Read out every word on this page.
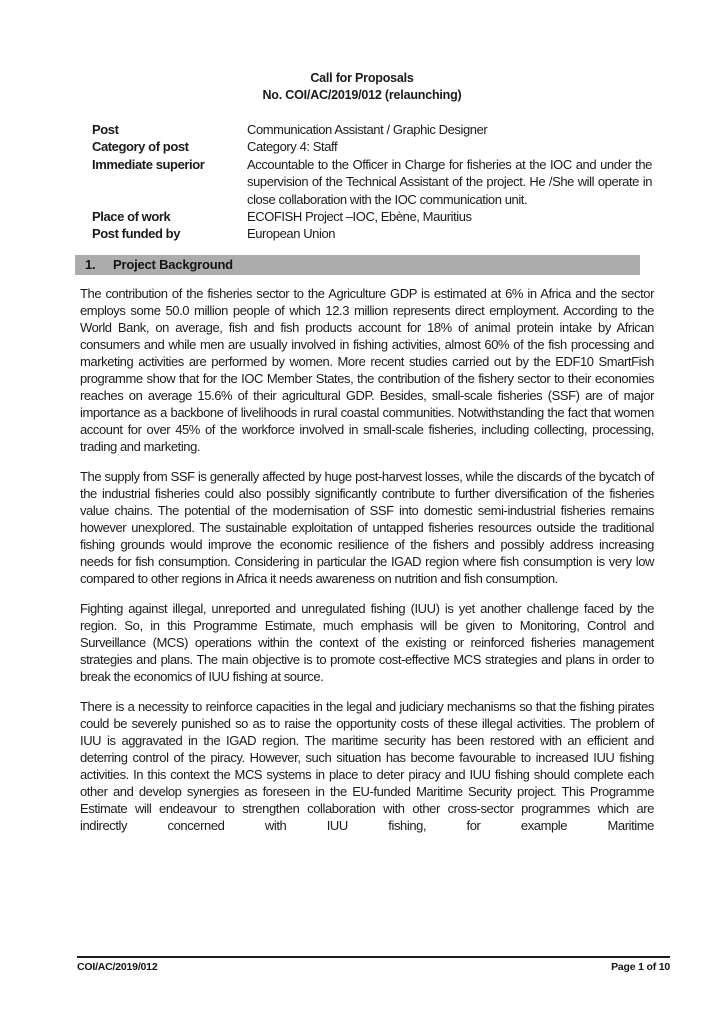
Call for Proposals
No. COI/AC/2019/012 (relaunching)
Post	Communication Assistant / Graphic Designer
Category of post	Category 4: Staff
Immediate superior	Accountable to the Officer in Charge for fisheries at the IOC and under the supervision of the Technical Assistant of the project. He /She will operate in close collaboration with the IOC communication unit.
Place of work	ECOFISH Project –IOC, Ebène, Mauritius
Post funded by	European Union
1. Project Background

The contribution of the fisheries sector to the Agriculture GDP is estimated at 6% in Africa and the sector employs some 50.0 million people of which 12.3 million represents direct employment. According to the World Bank, on average, fish and fish products account for 18% of animal protein intake by African consumers and while men are usually involved in fishing activities, almost 60% of the fish processing and marketing activities are performed by women. More recent studies carried out by the EDF10 SmartFish programme show that for the IOC Member States, the contribution of the fishery sector to their economies reaches on average 15.6% of their agricultural GDP. Besides, small-scale fisheries (SSF) are of major importance as a backbone of livelihoods in rural coastal communities. Notwithstanding the fact that women account for over 45% of the workforce involved in small-scale fisheries, including collecting, processing, trading and marketing.

The supply from SSF is generally affected by huge post-harvest losses, while the discards of the bycatch of the industrial fisheries could also possibly significantly contribute to further diversification of the fisheries value chains. The potential of the modernisation of SSF into domestic semi-industrial fisheries remains however unexplored. The sustainable exploitation of untapped fisheries resources outside the traditional fishing grounds would improve the economic resilience of the fishers and possibly address increasing needs for fish consumption. Considering in particular the IGAD region where fish consumption is very low compared to other regions in Africa it needs awareness on nutrition and fish consumption.

Fighting against illegal, unreported and unregulated fishing (IUU) is yet another challenge faced by the region. So, in this Programme Estimate, much emphasis will be given to Monitoring, Control and Surveillance (MCS) operations within the context of the existing or reinforced fisheries management strategies and plans. The main objective is to promote cost-effective MCS strategies and plans in order to break the economics of IUU fishing at source.

There is a necessity to reinforce capacities in the legal and judiciary mechanisms so that the fishing pirates could be severely punished so as to raise the opportunity costs of these illegal activities. The problem of IUU is aggravated in the IGAD region. The maritime security has been restored with an efficient and deterring control of the piracy. However, such situation has become favourable to increased IUU fishing activities. In this context the MCS systems in place to deter piracy and IUU fishing should complete each other and develop synergies as foreseen in the EU-funded Maritime Security project. This Programme Estimate will endeavour to strengthen collaboration with other cross-sector programmes which are indirectly concerned with IUU fishing, for example Maritime

COI/AC/2019/012	Page 1 of 10
